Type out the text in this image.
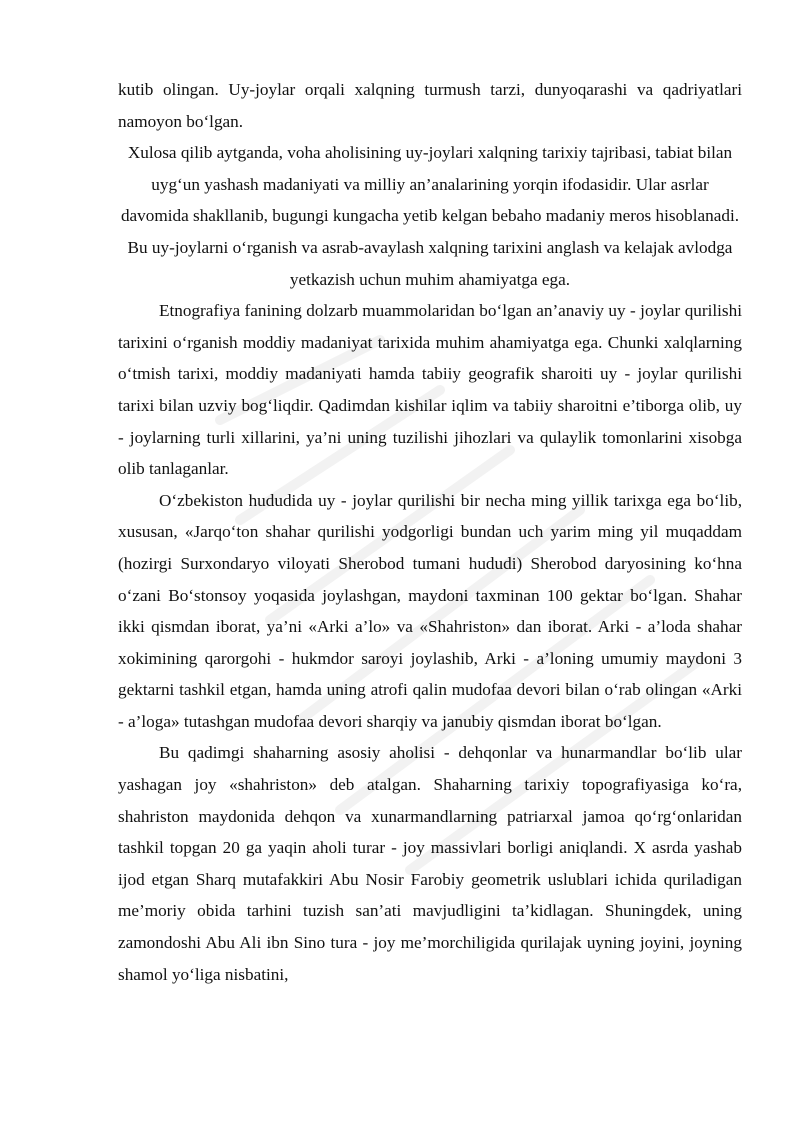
kutib olingan. Uy-joylar orqali xalqning turmush tarzi, dunyoqarashi va qadriyatlari namoyon bo‘lgan.

Xulosa qilib aytganda, voha aholisining uy-joylari xalqning tarixiy tajribasi, tabiat bilan uyg‘un yashash madaniyati va milliy an’analarining yorqin ifodasidir. Ular asrlar davomida shakllanib, bugungi kungacha yetib kelgan bebaho madaniy meros hisoblanadi. Bu uy-joylarni o‘rganish va asrab-avaylash xalqning tarixini anglash va kelajak avlodga yetkazish uchun muhim ahamiyatga ega.

Etnografiya fanining dolzarb muammolaridan bo‘lgan an’anaviy uy - joylar qurilishi tarixini o‘rganish moddiy madaniyat tarixida muhim ahamiyatga ega. Chunki xalqlarning o‘tmish tarixi, moddiy madaniyati hamda tabiiy geografik sharoiti uy - joylar qurilishi tarixi bilan uzviy bog‘liqdir. Qadimdan kishilar iqlim va tabiiy sharoitni e’tiborga olib, uy - joylarning turli xillarini, ya’ni uning tuzilishi jihozlari va qulaylik tomonlarini xisobga olib tanlaganlar.

O‘zbekiston hududida uy - joylar qurilishi bir necha ming yillik tarixga ega bo‘lib, xususan, «Jarqo‘ton shahar qurilishi yodgorligi bundan uch yarim ming yil muqaddam (hozirgi Surxondaryo viloyati Sherobod tumani hududi) Sherobod daryosining ko‘hna o‘zani Bo‘stonsoy yoqasida joylashgan, maydoni taxminan 100 gektar bo‘lgan. Shahar ikki qismdan iborat, ya’ni «Arki a’lo» va «Shahriston» dan iborat. Arki - a’loda shahar xokimining qarorgohi - hukmdor saroyi joylashib, Arki - a’loning umumiy maydoni 3 gektarni tashkil etgan, hamda uning atrofi qalin mudofaa devori bilan o‘rab olingan «Arki - a’loga» tutashgan mudofaa devori sharqiy va janubiy qismdan iborat bo‘lgan.

Bu qadimgi shaharning asosiy aholisi - dehqonlar va hunarmandlar bo‘lib ular yashagan joy «shahriston» deb atalgan. Shaharning tarixiy topografiyasiga ko‘ra, shahriston maydonida dehqon va xunarmandlarning patriarxal jamoa qo‘rg‘onlaridan tashkil topgan 20 ga yaqin aholi turar - joy massivlari borligi aniqlandi. X asrda yashab ijod etgan Sharq mutafakkiri Abu Nosir Farobiy geometrik uslublari ichida quriladigan me’moriy obida tarhini tuzish san’ati mavjudligini ta’kidlagan. Shuningdek, uning zamondoshi Abu Ali ibn Sino tura - joy me’morchiligida qurilajak uyning joyini, joyning shamol yo‘liga nisbatini,
